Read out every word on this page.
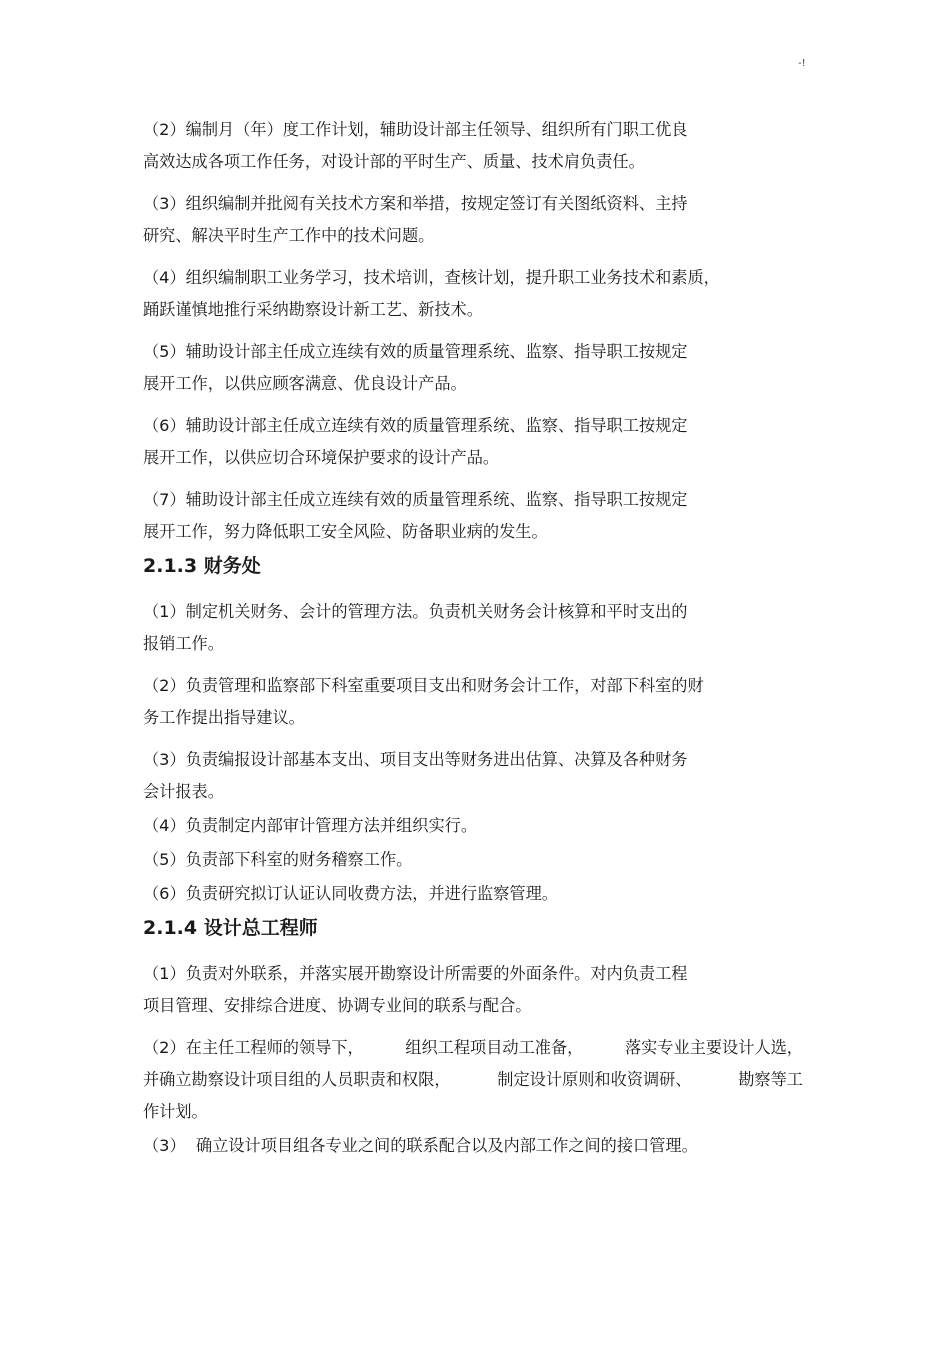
-!

（2）编制月（年）度工作计划，辅助设计部主任领导、组织所有门职工优良
高效达成各项工作任务，对设计部的平时生产、质量、技术肩负责任。

（3）组织编制并批阅有关技术方案和举措，按规定签订有关图纸资料、主持
研究、解决平时生产工作中的技术问题。

（4）组织编制职工业务学习，技术培训，查核计划，提升职工业务技术和素质，
踊跃谨慎地推行采纳勘察设计新工艺、新技术。

（5）辅助设计部主任成立连续有效的质量管理系统、监察、指导职工按规定
展开工作，以供应顾客满意、优良设计产品。

（6）辅助设计部主任成立连续有效的质量管理系统、监察、指导职工按规定
展开工作，以供应切合环境保护要求的设计产品。

（7）辅助设计部主任成立连续有效的质量管理系统、监察、指导职工按规定
展开工作，努力降低职工安全风险、防备职业病的发生。

2.1.3 财务处

（1）制定机关财务、会计的管理方法。负责机关财务会计核算和平时支出的
报销工作。

（2）负责管理和监察部下科室重要项目支出和财务会计工作，对部下科室的财
务工作提出指导建议。

（3）负责编报设计部基本支出、项目支出等财务进出估算、决算及各种财务
会计报表。

（4）负责制定内部审计管理方法并组织实行。

（5）负责部下科室的财务稽察工作。

（6）负责研究拟订认证认同收费方法，并进行监察管理。

2.1.4 设计总工程师

（1）负责对外联系，并落实展开勘察设计所需要的外面条件。对内负责工程
项目管理、安排综合进度、协调专业间的联系与配合。

（2）在主任工程师的领导下，	组织工程项目动工准备，	落实专业主要设计人选，
并确立勘察设计项目组的人员职责和权限，	制定设计原则和收资调研、	勘察等工
作计划。

（3） 确立设计项目组各专业之间的联系配合以及内部工作之间的接口管理。
